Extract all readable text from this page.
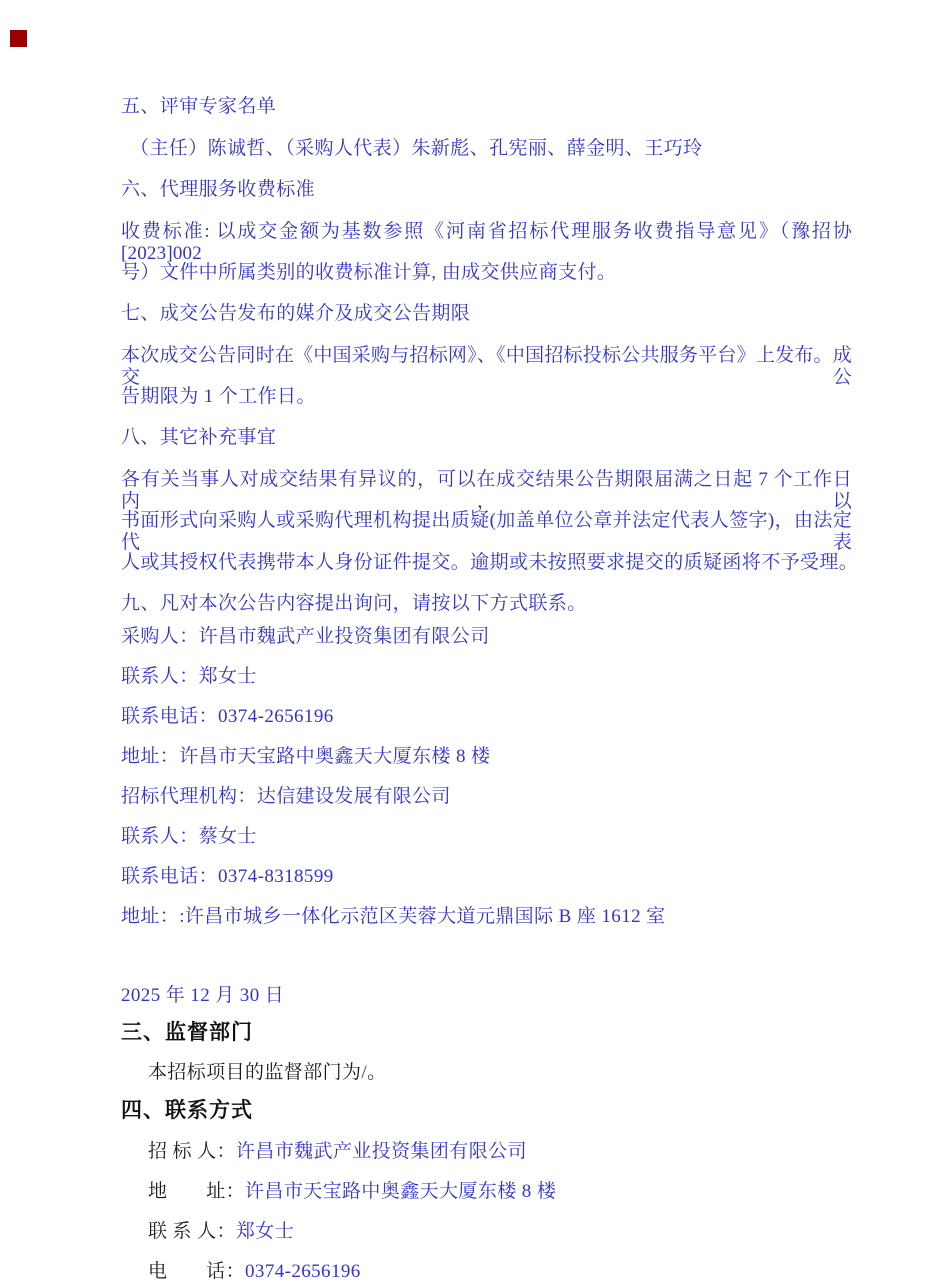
五、评审专家名单
（主任）陈诚哲、（采购人代表）朱新彪、孔宪丽、薛金明、王巧玲
六、代理服务收费标准
收费标准: 以成交金额为基数参照《河南省招标代理服务收费指导意见》（豫招协[2023]002
号）文件中所属类别的收费标准计算, 由成交供应商支付。
七、成交公告发布的媒介及成交公告期限
本次成交公告同时在《中国采购与招标网》、《中国招标投标公共服务平台》上发布。成交公
告期限为 1 个工作日。
八、其它补充事宜
各有关当事人对成交结果有异议的，可以在成交结果公告期限届满之日起 7 个工作日内，以
书面形式向采购人或采购代理机构提出质疑(加盖单位公章并法定代表人签字)，由法定代表
人或其授权代表携带本人身份证件提交。逾期或未按照要求提交的质疑函将不予受理。
九、凡对本次公告内容提出询问，请按以下方式联系。
采购人：许昌市魏武产业投资集团有限公司
联系人：郑女士
联系电话：0374-2656196
地址：许昌市天宝路中奥鑫天大厦东楼 8 楼
招标代理机构：达信建设发展有限公司
联系人：蔡女士
联系电话：0374-8318599
地址：:许昌市城乡一体化示范区芙蓉大道元鼎国际 B 座 1612 室
2025 年 12 月 30 日
三、监督部门
本招标项目的监督部门为/。
四、联系方式
招 标 人：许昌市魏武产业投资集团有限公司
地　　址：许昌市天宝路中奥鑫天大厦东楼 8 楼
联 系 人：郑女士
电　　话：0374-2656196
